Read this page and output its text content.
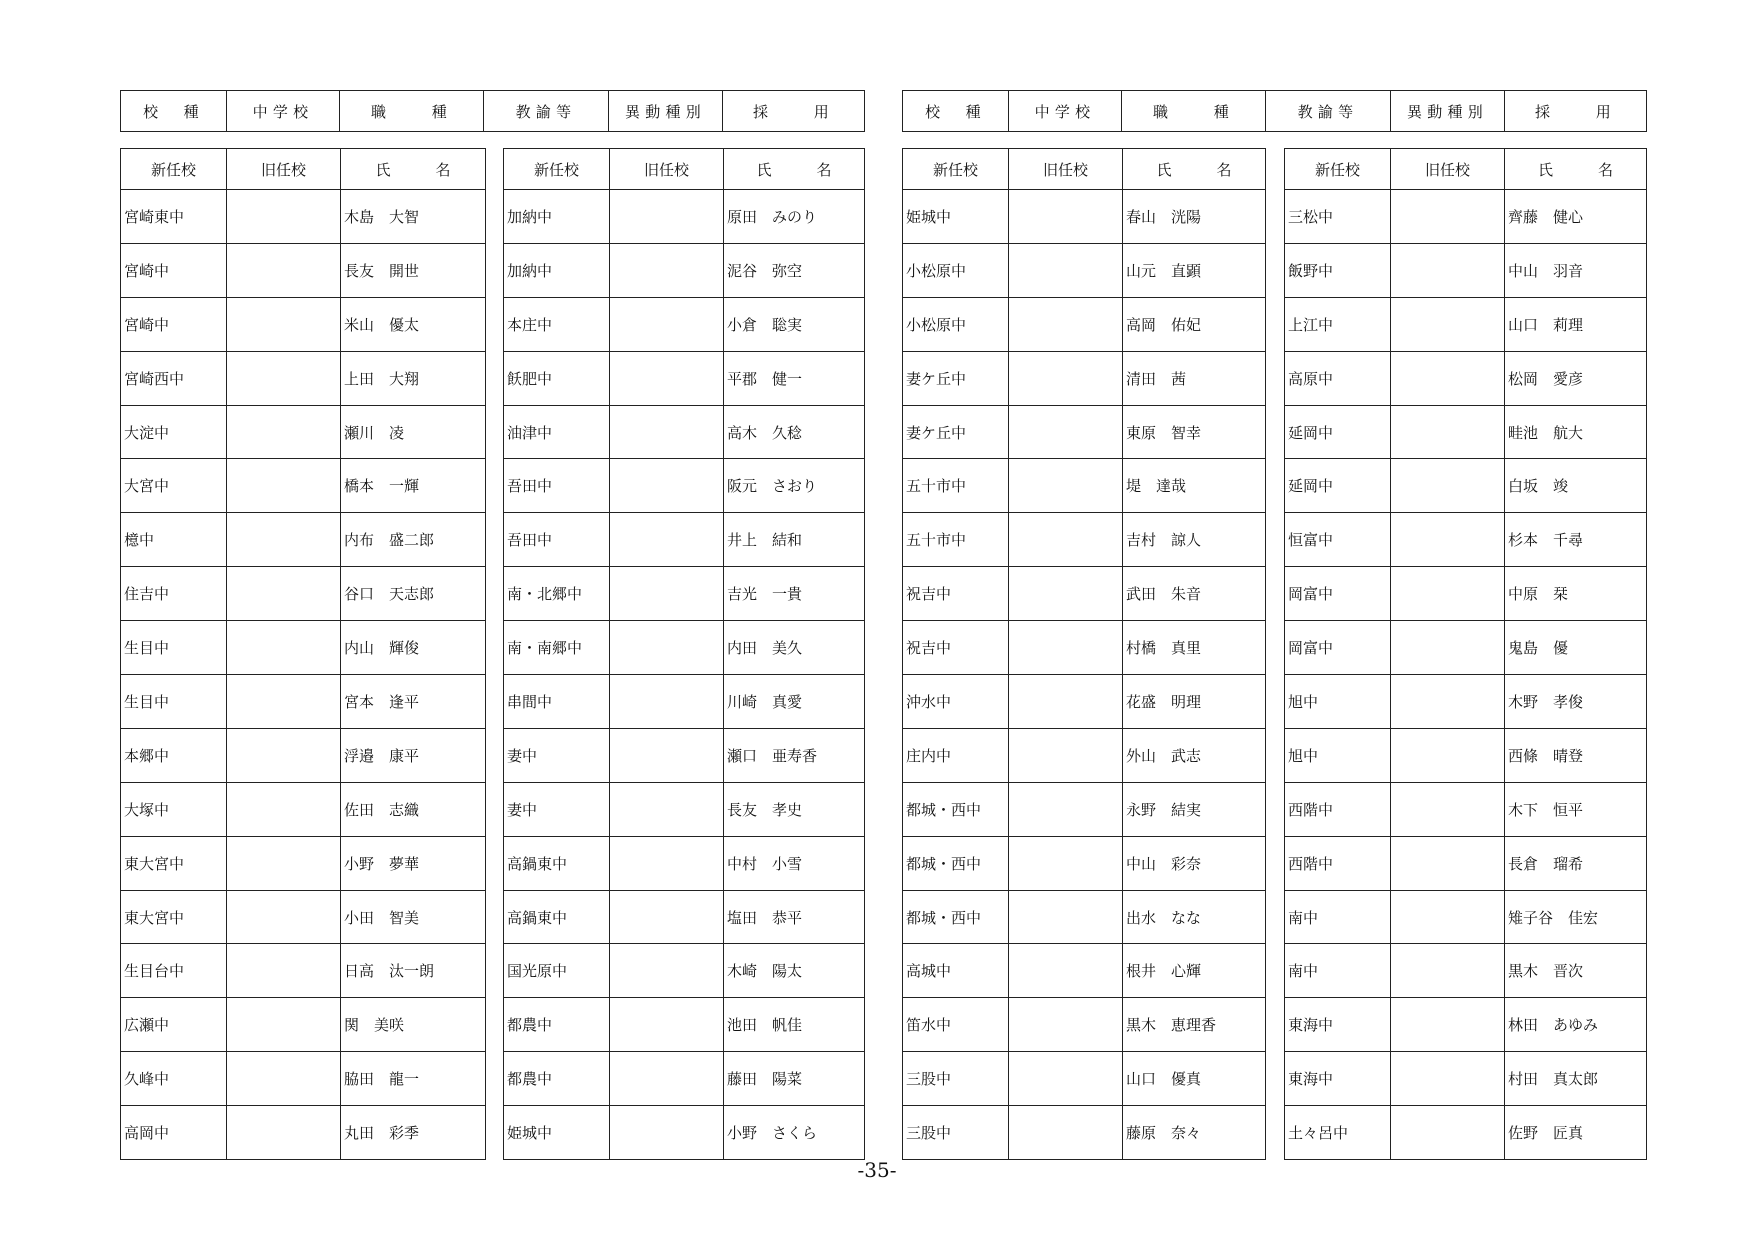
校　種	中学校	職　　種	教諭等	異動種別	採　　用	校　種	中学校	職　　種	教諭等	異動種別	採　　用
新任校	旧任校	氏　　　名
宮崎東中		木島　大智
宮崎中		長友　開世
宮崎中		米山　優太
宮崎西中		上田　大翔
大淀中		瀬川　凌
大宮中		橋本　一輝
檍中		内布　盛二郎
住吉中		谷口　天志郎
生目中		内山　輝俊
生目中		宮本　逢平
本郷中		浮邉　康平
大塚中		佐田　志織
東大宮中		小野　夢華
東大宮中		小田　智美
生目台中		日高　汰一朗
広瀬中		関　美咲
久峰中		脇田　龍一
高岡中		丸田　彩季
新任校	旧任校	氏　　　名
加納中		原田　みのり
加納中		泥谷　弥空
本庄中		小倉　聡実
飫肥中		平郡　健一
油津中		高木　久稔
吾田中		阪元　さおり
吾田中		井上　結和
南・北郷中		吉光　一貴
南・南郷中		内田　美久
串間中		川崎　真愛
妻中		瀬口　亜寿香
妻中		長友　孝史
高鍋東中		中村　小雪
高鍋東中		塩田　恭平
国光原中		木崎　陽太
都農中		池田　帆佳
都農中		藤田　陽菜
姫城中		小野　さくら
新任校	旧任校	氏　　　名
姫城中		春山　洸陽
小松原中		山元　直顕
小松原中		高岡　佑妃
妻ケ丘中		清田　茜
妻ケ丘中		東原　智幸
五十市中		堤　達哉
五十市中		吉村　諒人
祝吉中		武田　朱音
祝吉中		村橋　真里
沖水中		花盛　明理
庄内中		外山　武志
都城・西中		永野　結実
都城・西中		中山　彩奈
都城・西中		出水　なな
高城中		根井　心輝
笛水中		黒木　恵理香
三股中		山口　優真
三股中		藤原　奈々
新任校	旧任校	氏　　　名
三松中		齊藤　健心
飯野中		中山　羽音
上江中		山口　莉理
高原中		松岡　愛彦
延岡中		畦池　航大
延岡中		白坂　竣
恒富中		杉本　千尋
岡富中		中原　栞
岡富中		鬼島　優
旭中		木野　孝俊
旭中		西條　晴登
西階中		木下　恒平
西階中		長倉　瑠希
南中		雉子谷　佳宏
南中		黒木　晋次
東海中		林田　あゆみ
東海中		村田　真太郎
土々呂中		佐野　匠真
-35-
